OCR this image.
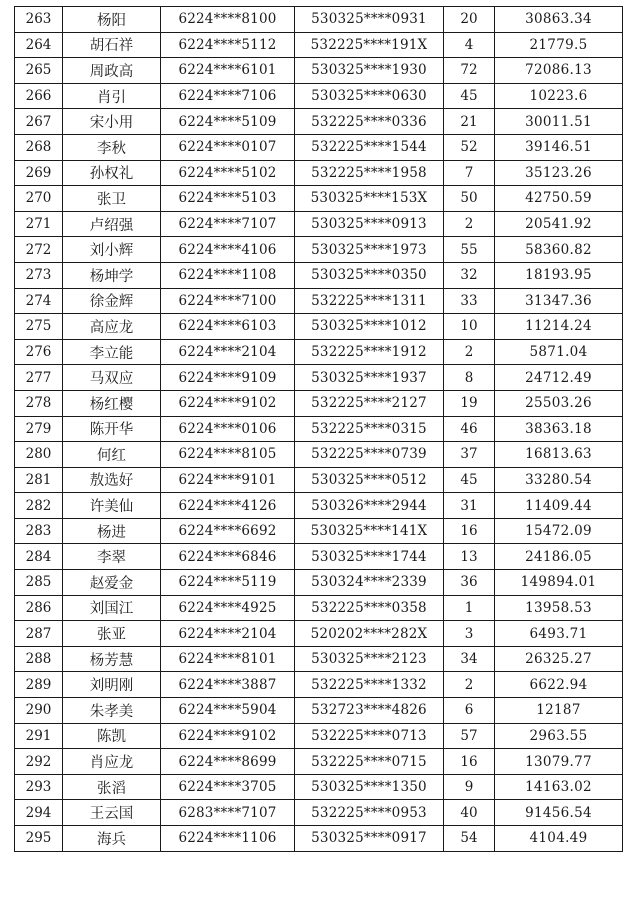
263	杨阳	6224****8100	530325****0931	20	30863.34
264	胡石祥	6224****5112	532225****191X	4	21779.5
265	周政高	6224****6101	530325****1930	72	72086.13
266	肖引	6224****7106	530325****0630	45	10223.6
267	宋小用	6224****5109	532225****0336	21	30011.51
268	李秋	6224****0107	532225****1544	52	39146.51
269	孙权礼	6224****5102	532225****1958	7	35123.26
270	张卫	6224****5103	530325****153X	50	42750.59
271	卢绍强	6224****7107	530325****0913	2	20541.92
272	刘小辉	6224****4106	530325****1973	55	58360.82
273	杨坤学	6224****1108	530325****0350	32	18193.95
274	徐金辉	6224****7100	532225****1311	33	31347.36
275	高应龙	6224****6103	530325****1012	10	11214.24
276	李立能	6224****2104	532225****1912	2	5871.04
277	马双应	6224****9109	530325****1937	8	24712.49
278	杨红樱	6224****9102	532225****2127	19	25503.26
279	陈开华	6224****0106	532225****0315	46	38363.18
280	何红	6224****8105	532225****0739	37	16813.63
281	敖选好	6224****9101	530325****0512	45	33280.54
282	许美仙	6224****4126	530326****2944	31	11409.44
283	杨进	6224****6692	530325****141X	16	15472.09
284	李翠	6224****6846	530325****1744	13	24186.05
285	赵爱金	6224****5119	530324****2339	36	149894.01
286	刘国江	6224****4925	532225****0358	1	13958.53
287	张亚	6224****2104	520202****282X	3	6493.71
288	杨芳慧	6224****8101	530325****2123	34	26325.27
289	刘明刚	6224****3887	532225****1332	2	6622.94
290	朱孝美	6224****5904	532723****4826	6	12187
291	陈凯	6224****9102	532225****0713	57	2963.55
292	肖应龙	6224****8699	532225****0715	16	13079.77
293	张滔	6224****3705	530325****1350	9	14163.02
294	王云国	6283****7107	532225****0953	40	91456.54
295	海兵	6224****1106	530325****0917	54	4104.49
